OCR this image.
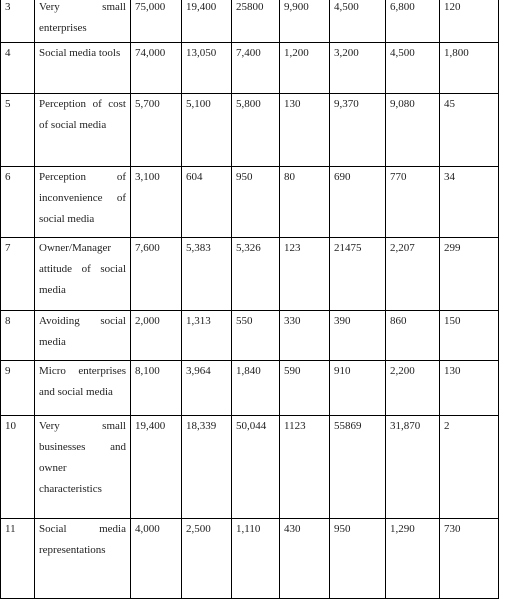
3	Very small enterprises	75,000	19,400	25800	9,900	4,500	6,800	120
4	Social media tools	74,000	13,050	7,400	1,200	3,200	4,500	1,800
5	Perception of cost of social media	5,700	5,100	5,800	130	9,370	9,080	45
6	Perception of inconvenience of social media	3,100	604	950	80	690	770	34
7	Owner/Manager attitude of social media	7,600	5,383	5,326	123	21475	2,207	299
8	Avoiding social media	2,000	1,313	550	330	390	860	150
9	Micro enterprises and social media	8,100	3,964	1,840	590	910	2,200	130
10	Very small businesses and owner characteristics	19,400	18,339	50,044	1123	55869	31,870	2
11	Social media representations	4,000	2,500	1,110	430	950	1,290	730
